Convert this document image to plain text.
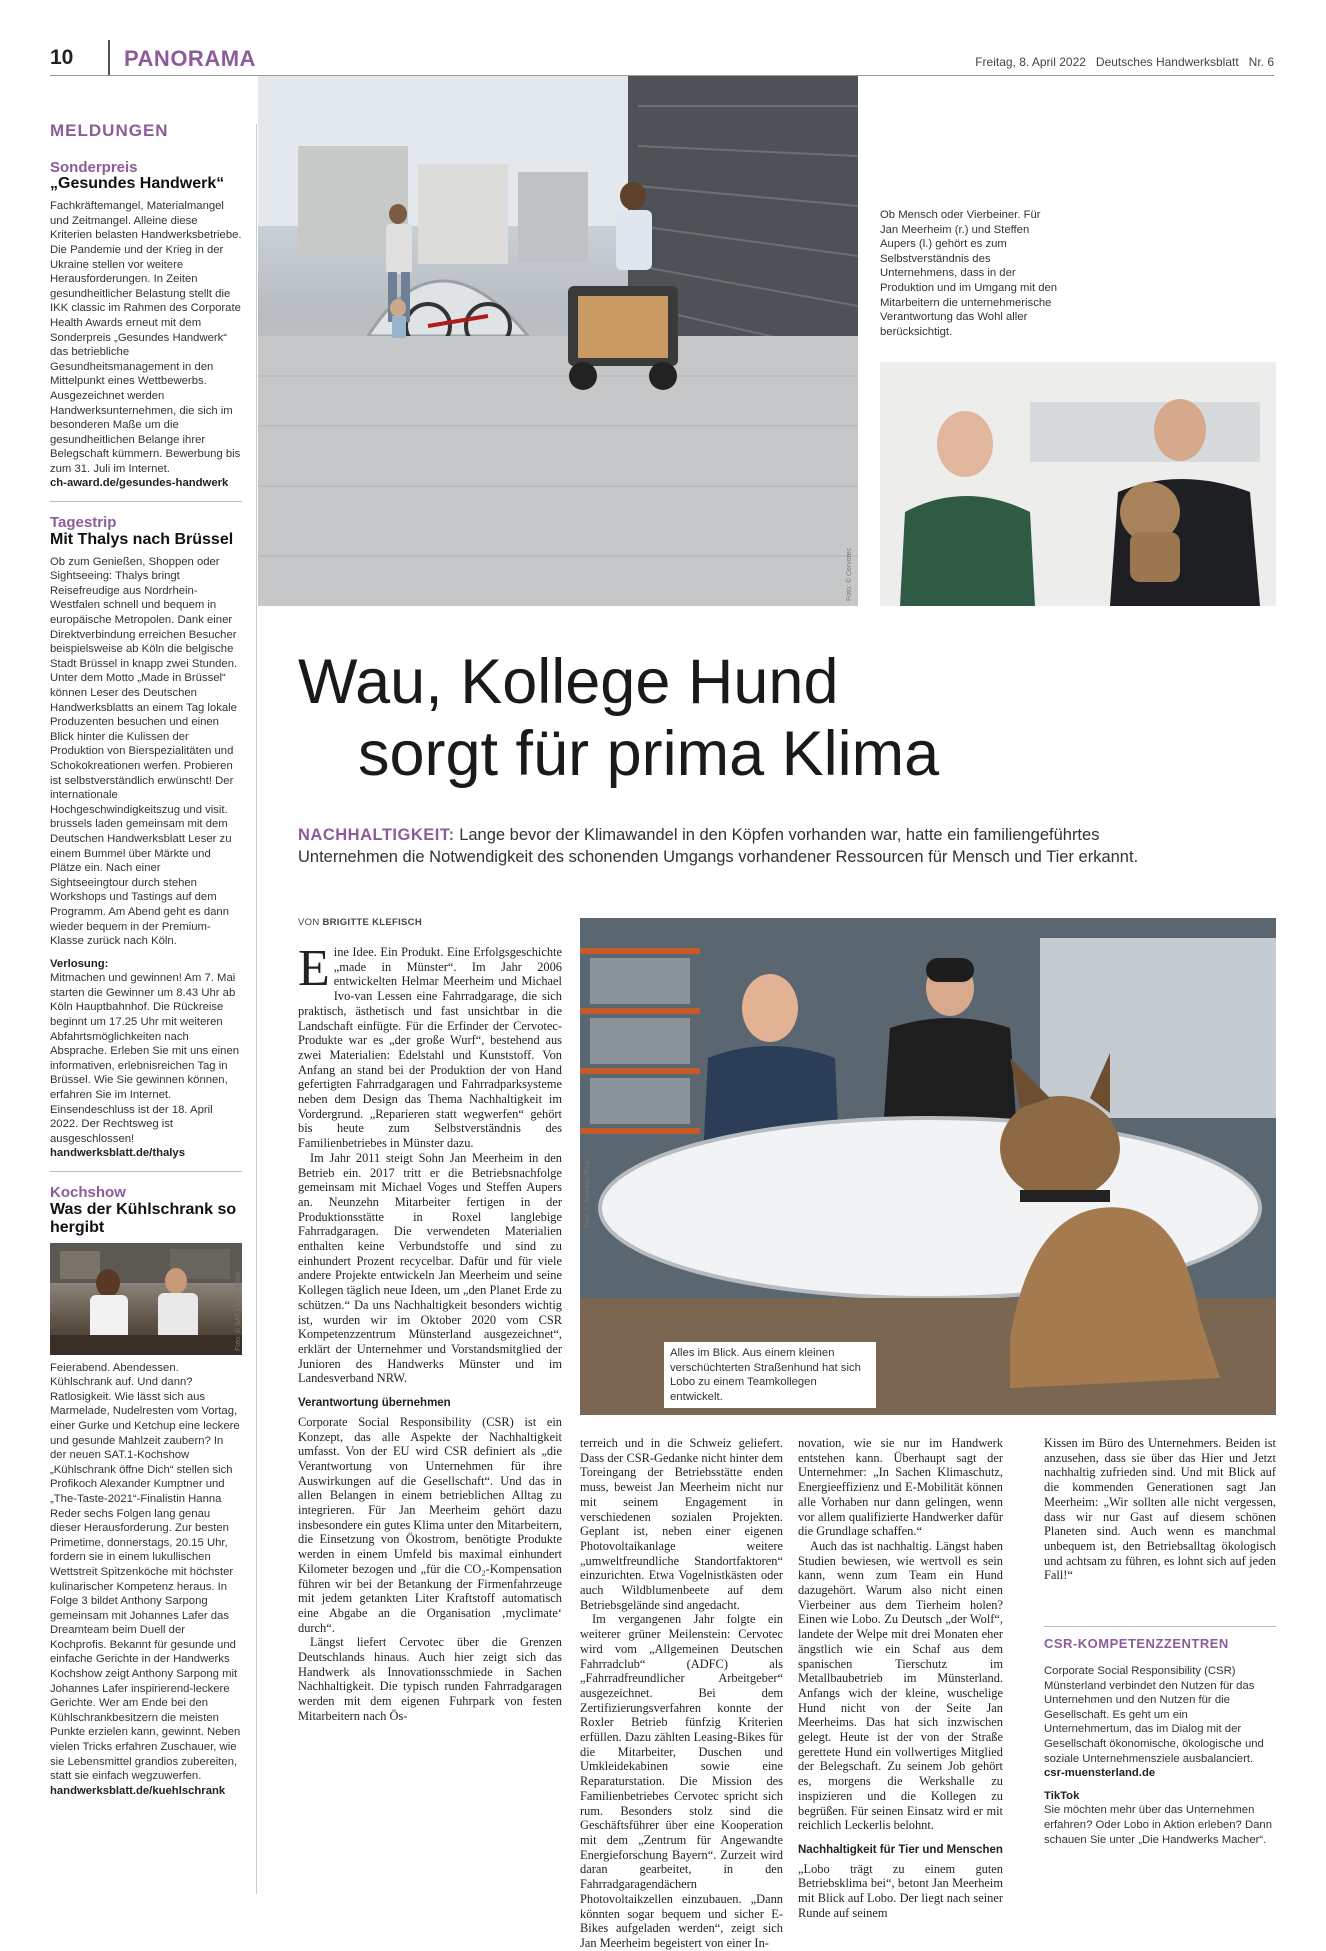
10 PANORAMA	Freitag, 8. April 2022   Deutsches Handwerksblatt   Nr. 6
MELDUNGEN
Sonderpreis
„Gesundes Handwerk“
Fachkräftemangel, Materialmangel und Zeitmangel. Alleine diese Kriterien belasten Handwerksbetriebe. Die Pandemie und der Krieg in der Ukraine stellen vor weitere Herausforderungen. In Zeiten gesundheitlicher Belastung stellt die IKK classic im Rahmen des Corporate Health Awards erneut mit dem Sonderpreis „Gesundes Handwerk“ das betriebliche Gesundheitsmanagement in den Mittelpunkt eines Wettbewerbs. Ausgezeichnet werden Handwerksunternehmen, die sich im besonderen Maße um die gesundheitlichen Belange ihrer Belegschaft kümmern. Bewerbung bis zum 31. Juli im Internet.
ch-award.de/gesundes-handwerk
Tagestrip
Mit Thalys nach Brüssel
Ob zum Genießen, Shoppen oder Sightseeing: Thalys bringt Reisefreudige aus Nordrhein-Westfalen schnell und bequem in europäische Metropolen. Dank einer Direktverbindung erreichen Besucher beispielsweise ab Köln die belgische Stadt Brüssel in knapp zwei Stunden. Unter dem Motto „Made in Brüssel“ können Leser des Deutschen Handwerksblatts an einem Tag lokale Produzenten besuchen und einen Blick hinter die Kulissen der Produktion von Bierspezialitäten und Schokokreationen werfen. Probieren ist selbstverständlich erwünscht! Der internationale Hochgeschwindigkeitszug und visit. brussels laden gemeinsam mit dem Deutschen Handwerksblatt Leser zu einem Bummel über Märkte und Plätze ein. Nach einer Sightseeingtour durch stehen Workshops und Tastings auf dem Programm. Am Abend geht es dann wieder bequem in der Premium-Klasse zurück nach Köln.
Verlosung:
Mitmachen und gewinnen! Am 7. Mai starten die Gewinner um 8.43 Uhr ab Köln Hauptbahnhof. Die Rückreise beginnt um 17.25 Uhr mit weiteren Abfahrtsmöglichkeiten nach Absprache. Erleben Sie mit uns einen informativen, erlebnisreichen Tag in Brüssel. Wie Sie gewinnen können, erfahren Sie im Internet. Einsendeschluss ist der 18. April 2022. Der Rechtsweg ist ausgeschlossen!
handwerksblatt.de/thalys
Kochshow
Was der Kühlschrank so hergibt
Foto: © SAT.1/Willi Weber
Feierabend. Abendessen. Kühlschrank auf. Und dann? Ratlosigkeit. Wie lässt sich aus Marmelade, Nudelresten vom Vortag, einer Gurke und Ketchup eine leckere und gesunde Mahlzeit zaubern? In der neuen SAT.1-Kochshow „Kühlschrank öffne Dich“ stellen sich Profikoch Alexander Kumptner und „The-Taste-2021“-Finalistin Hanna Reder sechs Folgen lang genau dieser Herausforderung. Zur besten Primetime, donnerstags, 20.15 Uhr, fordern sie in einem lukullischen Wettstreit Spitzenköche mit höchster kulinarischer Kompetenz heraus. In Folge 3 bildet Anthony Sarpong gemeinsam mit Johannes Lafer das Dreamteam beim Duell der Kochprofis. Bekannt für gesunde und einfache Gerichte in der Handwerks Kochshow zeigt Anthony Sarpong mit Johannes Lafer inspirierend-leckere Gerichte. Wer am Ende bei den Kühlschrankbesitzern die meisten Punkte erzielen kann, gewinnt. Neben vielen Tricks erfahren Zuschauer, wie sie Lebensmittel grandios zubereiten, statt sie einfach wegzuwerfen.
handwerksblatt.de/kuehlschrank
Foto: © Cervotec
Ob Mensch oder Vierbeiner. Für Jan Meerheim (r.) und Steffen Aupers (l.) gehört es zum Selbstverständnis des Unternehmens, dass in der Produktion und im Umgang mit den Mitarbeitern die unternehmerische Verantwortung das Wohl aller berücksichtigt.
Wau, Kollege Hund
sorgt für prima Klima
NACHHALTIGKEIT: Lange bevor der Klimawandel in den Köpfen vorhanden war, hatte ein familiengeführtes Unternehmen die Notwendigkeit des schonenden Umgangs vorhandener Ressourcen für Mensch und Tier erkannt.
VON BRIGITTE KLEFISCH

Eine Idee. Ein Produkt. Eine Erfolgsgeschichte „made in Münster“. Im Jahr 2006 entwickelten Helmar Meerheim und Michael Ivo-van Lessen eine Fahrradgarage, die sich praktisch, ästhetisch und fast unsichtbar in die Landschaft einfügte. Für die Erfinder der Cervotec-Produkte war es „der große Wurf“, bestehend aus zwei Materialien: Edelstahl und Kunststoff. Von Anfang an stand bei der Produktion der von Hand gefertigten Fahrradgaragen und Fahrradparksysteme neben dem Design das Thema Nachhaltigkeit im Vordergrund. „Reparieren statt wegwerfen“ gehört bis heute zum Selbstverständnis des Familienbetriebes in Münster dazu.

Im Jahr 2011 steigt Sohn Jan Meerheim in den Betrieb ein. 2017 tritt er die Betriebsnachfolge gemeinsam mit Michael Voges und Steffen Aupers an. Neunzehn Mitarbeiter fertigen in der Produktionsstätte in Roxel langlebige Fahrradgaragen. Die verwendeten Materialien enthalten keine Verbundstoffe und sind zu einhundert Prozent recycelbar. Dafür und für viele andere Projekte entwickeln Jan Meerheim und seine Kollegen täglich neue Ideen, um „den Planet Erde zu schützen.“ Da uns Nachhaltigkeit besonders wichtig ist, wurden wir im Oktober 2020 vom CSR Kompetenzzentrum Münsterland ausgezeichnet“, erklärt der Unternehmer und Vorstandsmitglied der Junioren des Handwerks Münster und im Landesverband NRW.

Verantwortung übernehmen

Corporate Social Responsibility (CSR) ist ein Konzept, das alle Aspekte der Nachhaltigkeit umfasst. Von der EU wird CSR definiert als „die Verantwortung von Unternehmen für ihre Auswirkungen auf die Gesellschaft“. Und das in allen Belangen in einem betrieblichen Alltag zu integrieren. Für Jan Meerheim gehört dazu insbesondere ein gutes Klima unter den Mitarbeitern, die Einsetzung von Ökostrom, benötigte Produkte werden in einem Umfeld bis maximal einhundert Kilometer bezogen und „für die CO₂-Kompensation führen wir bei der Betankung der Firmenfahrzeuge mit jedem getankten Liter Kraftstoff automatisch eine Abgabe an die Organisation ‚myclimate‘ durch“.

Längst liefert Cervotec über die Grenzen Deutschlands hinaus. Auch hier zeigt sich das Handwerk als Innovationsschmiede in Sachen Nachhaltigkeit. Die typisch runden Fahrradgaragen werden mit dem eigenen Fuhrpark von festen Mitarbeitern nach Ös-

Foto: © Andreas Buck
Alles im Blick. Aus einem kleinen verschüchterten Straßenhund hat sich Lobo zu einem Teamkollegen entwickelt.

terreich und in die Schweiz geliefert. Dass der CSR-Gedanke nicht hinter dem Toreingang der Betriebsstätte enden muss, beweist Jan Meerheim nicht nur mit seinem Engagement in verschiedenen sozialen Projekten. Geplant ist, neben einer eigenen Photovoltaikanlage weitere „umweltfreundliche Standortfaktoren“ einzurichten. Etwa Vogelnistkästen oder auch Wildblumenbeete auf dem Betriebsgelände sind angedacht.

Im vergangenen Jahr folgte ein weiterer grüner Meilenstein: Cervotec wird vom „Allgemeinen Deutschen Fahrradclub“ (ADFC) als „Fahrradfreundlicher Arbeitgeber“ ausgezeichnet. Bei dem Zertifizierungsverfahren konnte der Roxler Betrieb fünfzig Kriterien erfüllen. Dazu zählten Leasing-Bikes für die Mitarbeiter, Duschen und Umkleidekabinen sowie eine Reparaturstation. Die Mission des Familienbetriebes Cervotec spricht sich rum. Besonders stolz sind die Geschäftsführer über eine Kooperation mit dem „Zentrum für Angewandte Energieforschung Bayern“. Zurzeit wird daran gearbeitet, in den Fahrradgaragendächern Photovoltaikzellen einzubauen. „Dann könnten sogar bequem und sicher E-Bikes aufgeladen werden“, zeigt sich Jan Meerheim begeistert von einer In-

novation, wie sie nur im Handwerk entstehen kann. Überhaupt sagt der Unternehmer: „In Sachen Klimaschutz, Energieeffizienz und E-Mobilität können alle Vorhaben nur dann gelingen, wenn vor allem qualifizierte Handwerker dafür die Grundlage schaffen.“

Auch das ist nachhaltig. Längst haben Studien bewiesen, wie wertvoll es sein kann, wenn zum Team ein Hund dazugehört. Warum also nicht einen Vierbeiner aus dem Tierheim holen? Einen wie Lobo. Zu Deutsch „der Wolf“, landete der Welpe mit drei Monaten eher ängstlich wie ein Schaf aus dem spanischen Tierschutz im Metallbaubetrieb im Münsterland. Anfangs wich der kleine, wuschelige Hund nicht von der Seite Jan Meerheims. Das hat sich inzwischen gelegt. Heute ist der von der Straße gerettete Hund ein vollwertiges Mitglied der Belegschaft. Zu seinem Job gehört es, morgens die Werkshalle zu inspizieren und die Kollegen zu begrüßen. Für seinen Einsatz wird er mit reichlich Leckerlis belohnt.

Nachhaltigkeit für Tier und Menschen

„Lobo trägt zu einem guten Betriebsklima bei“, betont Jan Meerheim mit Blick auf Lobo. Der liegt nach seiner Runde auf seinem

Kissen im Büro des Unternehmers. Beiden ist anzusehen, dass sie über das Hier und Jetzt nachhaltig zufrieden sind. Und mit Blick auf die kommenden Generationen sagt Jan Meerheim: „Wir sollten alle nicht vergessen, dass wir nur Gast auf diesem schönen Planeten sind. Auch wenn es manchmal unbequem ist, den Betriebsalltag ökologisch und achtsam zu führen, es lohnt sich auf jeden Fall!“

CSR-KOMPETENZZENTREN
Corporate Social Responsibility (CSR) Münsterland verbindet den Nutzen für das Unternehmen und den Nutzen für die Gesellschaft. Es geht um ein Unternehmertum, das im Dialog mit der Gesellschaft ökonomische, ökologische und soziale Unternehmensziele ausbalanciert.
csr-muensterland.de
TikTok
Sie möchten mehr über das Unternehmen erfahren? Oder Lobo in Aktion erleben? Dann schauen Sie unter „Die Handwerks Macher“.
